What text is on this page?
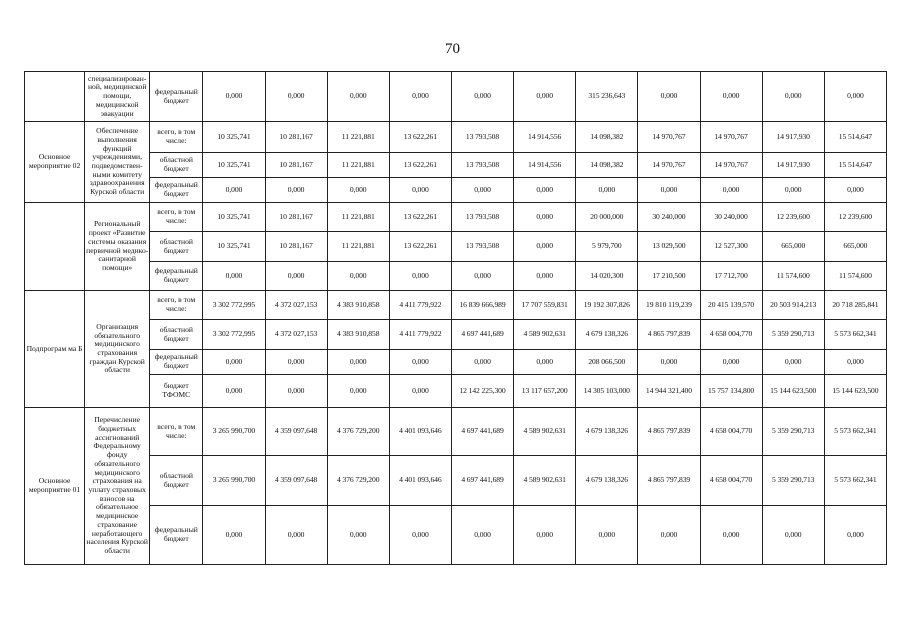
70
	специализирован-ной, медицинской помощи, медицинской эвакуации	федеральный бюджет	0,000	0,000	0,000	0,000	0,000	0,000	315 236,643	0,000	0,000	0,000	0,000
Основное мероприятие 02	Обеспечение выполнения функций учреждениями, подведомствен-ными комитету здравоохранения Курской области	всего, в том числе:	10 325,741	10 281,167	11 221,881	13 622,261	13 793,508	14 914,556	14 098,382	14 970,767	14 970,767	14 917,930	15 514,647
		областной бюджет	10 325,741	10 281,167	11 221,881	13 622,261	13 793,508	14 914,556	14 098,382	14 970,767	14 970,767	14 917,930	15 514,647
		федеральный бюджет	0,000	0,000	0,000	0,000	0,000	0,000	0,000	0,000	0,000	0,000	0,000
	Региональный проект «Развитие системы оказания первичной медико-санитарной помощи»	всего, в том числе:	10 325,741	10 281,167	11 221,881	13 622,261	13 793,508	0,000	20 000,000	30 240,000	30 240,000	12 239,600	12 239,600
		областной бюджет	10 325,741	10 281,167	11 221,881	13 622,261	13 793,508	0,000	5 979,700	13 029,500	12 527,300	665,000	665,000
		федеральный бюджет	0,000	0,000	0,000	0,000	0,000	0,000	14 020,300	17 210,500	17 712,700	11 574,600	11 574,600
Подпрограм ма Б	Организация обязательного медицинского страхования граждан Курской области	всего, в том числе:	3 302 772,995	4 372 027,153	4 383 910,858	4 411 779,922	16 839 666,989	17 707 559,831	19 192 307,826	19 810 119,239	20 415 139,570	20 503 914,213	20 718 285,841
		областной бюджет	3 302 772,995	4 372 027,153	4 383 910,858	4 411 779,922	4 697 441,689	4 589 902,631	4 679 138,326	4 865 797,839	4 658 004,770	5 359 290,713	5 573 662,341
		федеральный бюджет	0,000	0,000	0,000	0,000	0,000	0,000	208 066,500	0,000	0,000	0,000	0,000
		бюджет ТФОМС	0,000	0,000	0,000	0,000	12 142 225,300	13 117 657,200	14 305 103,000	14 944 321,400	15 757 134,800	15 144 623,500	15 144 623,500
Основное мероприятие 01	Перечисление бюджетных ассигнований Федеральному фонду обязательного медицинского страхования на уплату страховых взносов на обязательное медицинское страхование неработающего населения Курской области	всего, в том числе:	3 265 990,700	4 359 097,648	4 376 729,200	4 401 093,646	4 697 441,689	4 589 902,631	4 679 138,326	4 865 797,839	4 658 004,770	5 359 290,713	5 573 662,341
		областной бюджет	3 265 990,700	4 359 097,648	4 376 729,200	4 401 093,646	4 697 441,689	4 589 902,631	4 679 138,326	4 865 797,839	4 658 004,770	5 359 290,713	5 573 662,341
		федеральный бюджет	0,000	0,000	0,000	0,000	0,000	0,000	0,000	0,000	0,000	0,000	0,000
